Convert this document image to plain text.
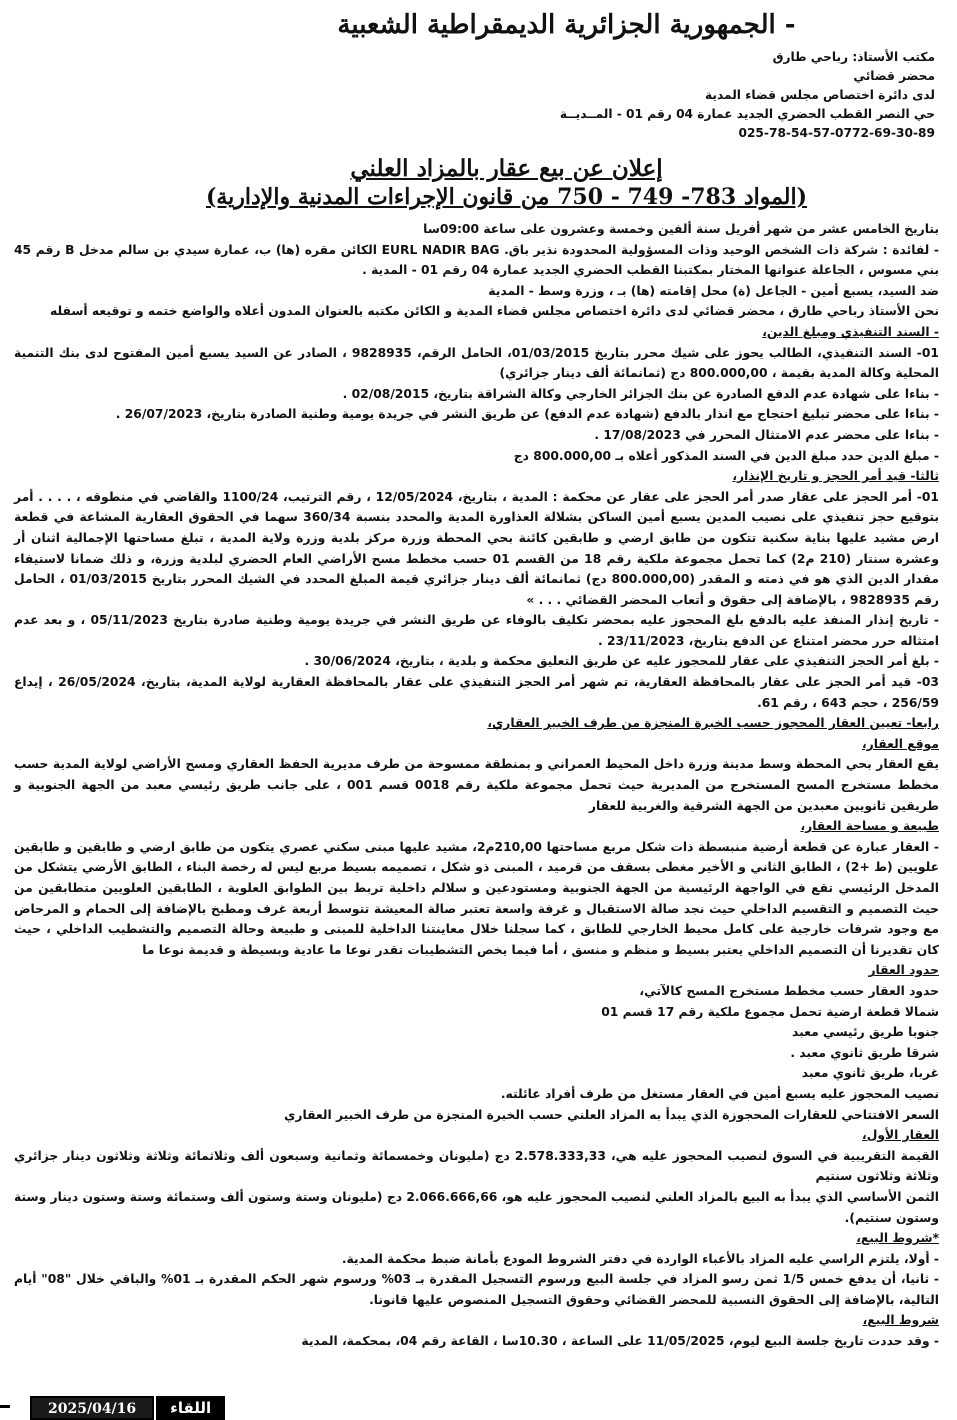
- الجمهورية الجزائرية الديمقراطية الشعبية
مكتب الأستاذ: رباحي طارق
محضر قضائي
لدى دائرة اختصاص مجلس قضاء المدية
حي النصر القطب الحضري الجديد عمارة 04 رقم 01 - المــديــة
025-78-54-57-0772-69-30-89
إعلان عن بيع عقار بالمزاد العلني
(المواد 783- 749 - 750 من قانون الإجراءات المدنية والإدارية)

بتاريخ الخامس عشر من شهر أفريل سنة ألفين وخمسة وعشرون على ساعة 09:00سا

- لفائدة : شركة ذات الشخص الوحيد وذات المسؤولية المحدودة نذير باق. EURL NADIR BAG الكائن مقره (ها) ب، عمارة سيدي بن سالم مدخل B رقم 45 بني مسوس ، الجاعلة عنوانها المختار بمكتبنا القطب الحضري الجديد عمارة 04 رقم 01 - المدية .

ضد السيد، يسبع أمين - الجاعل (ة) محل إقامته (ها) بـ ، وزرة وسط - المدية

نحن الأستاذ رباحي طارق ، محضر قضائي لدى دائرة اختصاص مجلس قضاء المدية و الكائن مكتبه بالعنوان المدون أعلاه والواضع ختمه و توقيعه أسفله

- السند التنفيذي ومبلغ الدين،

01- السند التنفيذي، الطالب يحوز على شيك محرر بتاريخ 01/03/2015، الحامل الرقم، 9828935 ، الصادر عن السيد يسبع أمين المفتوح لدى بنك التنمية المحلية وكالة المدية بقيمة ، 800.000,00 دج (ثمانمائة ألف دينار جزائري)

- بناءا على شهادة عدم الدفع الصادرة عن بنك الجزائر الخارجي وكالة الشراقة بتاريخ، 02/08/2015 .

- بناءا على محضر تبليغ احتجاج مع انذار بالدفع (شهادة عدم الدفع) عن طريق النشر في جريدة يومية وطنية الصادرة بتاريخ، 26/07/2023 .

- بناءا على محضر عدم الامتثال المحرر في 17/08/2023 .

- مبلغ الدين حدد مبلغ الدين في السند المذكور أعلاه بـ 800.000,00 دج

ثالثا- قيد أمر الحجز و تاريخ الإنذار،

01- أمر الحجز على عقار صدر أمر الحجز على عقار عن محكمة : المدية ، بتاريخ، 12/05/2024 ، رقم الترتيب، 1100/24 والقاضي في منطوقه ، . . . . أمر بتوقيع حجز تنفيذي على نصيب المدين يسبع أمين الساكن بشلالة العذاورة المدية والمحدد بنسبة 360/34 سهما في الحقوق العقارية المشاعة في قطعة ارض مشيد عليها بناية سكنية تتكون من طابق ارضي و طابقين كائنة بحي المحطة وزرة مركز بلدية وزرة ولاية المدية ، تبلغ مساحتها الإجمالية اثنان أر وعشرة سنتار (210 م2) كما تحمل مجموعة ملكية رقم 18 من القسم 01 حسب مخطط مسح الأراضي العام الحضري لبلدية وزرة، و ذلك ضمانا لاستيفاء مقدار الدين الذي هو في ذمته و المقدر (800.000,00 دج) ثمانمائة ألف دينار جزائري قيمة المبلغ المحدد في الشيك المحرر بتاريخ 01/03/2015 ، الحامل رقم 9828935 ، بالإضافة إلى حقوق و أتعاب المحضر القضائي . . . »

- تاريخ إنذار المنفذ عليه بالدفع بلغ المحجوز عليه بمحضر تكليف بالوفاء عن طريق النشر في جريدة يومية وطنية صادرة بتاريخ 05/11/2023 ، و بعد عدم امتثاله حرر محضر امتناع عن الدفع بتاريخ، 23/11/2023 .

- بلغ أمر الحجز التنفيذي على عقار للمحجوز عليه عن طريق التعليق محكمة و بلدية ، بتاريخ، 30/06/2024 .

03- قيد أمر الحجز على عقار بالمحافظة العقارية، تم شهر أمر الحجز التنفيذي على عقار بالمحافظة العقارية لولاية المدية، بتاريخ، 26/05/2024 ، إيداع 256/59 ، حجم 643 ، رقم 61.

رابعا- تعيين العقار المحجوز حسب الخبرة المنجزة من طرف الخبير العقاري،

موقع العقار،

يقع العقار بحي المحطة وسط مدينة وزرة داخل المحيط العمراني و بمنطقة ممسوحة من طرف مديرية الحفظ العقاري ومسح الأراضي لولاية المدية حسب مخطط مستخرج المسح المستخرج من المديرية حيث تحمل مجموعة ملكية رقم 0018 قسم 001 ، على جانب طريق رئيسي معبد من الجهة الجنوبية و طريقين ثانويين معبدين من الجهة الشرقية والغربية للعقار

طبيعة و مساحة العقار،

- العقار عبارة عن قطعة أرضية منبسطة ذات شكل مربع مساحتها 210,00م2، مشيد عليها مبنى سكني عصري يتكون من طابق ارضي و طابقين و طابقين علويين (ط +2) ، الطابق الثاني و الأخير مغطى بسقف من قرميد ، المبنى ذو شكل ، تصميمه بسيط مربع ليس له رخصة البناء ، الطابق الأرضي يتشكل من المدخل الرئيسي تقع في الواجهة الرئيسية من الجهة الجنوبية ومستودعين و سلالم داخلية تربط بين الطوابق العلوية ، الطابقين العلويين متطابقين من حيث التصميم و التقسيم الداخلي حيث نجد صالة الاستقبال و غرفة واسعة تعتبر صالة المعيشة تتوسط أربعة غرف ومطبخ بالإضافة إلى الحمام و المرحاض مع وجود شرفات خارجية على كامل محيط الخارجي للطابق ، كما سجلنا خلال معاينتنا الداخلية للمبنى و طبيعة وحالة التصميم والتشطيب الداخلي ، حيث كان تقديرنا أن التصميم الداخلي يعتبر بسيط و منظم و منسق ، أما فيما يخص التشطيبات تقدر نوعا ما عادية وبسيطة و قديمة نوعا ما

حدود العقار

حدود العقار حسب مخطط مستخرج المسح كالآتي،

شمالا قطعة ارضية تحمل مجموع ملكية رقم 17 قسم 01

جنوبا طريق رئيسي معبد

شرقا طريق ثانوي معبد .

غربا، طريق ثانوي معبد

نصيب المحجوز عليه يسبع أمين في العقار مستغل من طرف أفراد عائلته.

السعر الافتتاحي للعقارات المحجوزة الذي يبدأ به المزاد العلني حسب الخبرة المنجزة من طرف الخبير العقاري

العقار الأول،

القيمة التقريبية في السوق لنصيب المحجوز عليه هي، 2.578.333,33 دج (مليونان وخمسمائة وثمانية وسبعون ألف وثلاثمائة وثلاثة وثلاثون دينار جزائري وثلاثة وثلاثون سنتيم

الثمن الأساسي الذي يبدأ به البيع بالمزاد العلني لنصيب المحجوز عليه هو، 2.066.666,66 دج (مليونان وستة وستون ألف وستمائة وستة وستون دينار وستة وستون سنتيم).

*شروط البيع،

- أولا، يلتزم الراسي عليه المزاد بالأعباء الواردة في دفتر الشروط المودع بأمانة ضبط محكمة المدية.

- ثانيا، أن يدفع خمس 1/5 ثمن رسو المزاد في جلسة البيع ورسوم التسجيل المقدرة بـ 03% ورسوم شهر الحكم المقدرة بـ 01% والباقي خلال "08" أيام التالية، بالإضافة إلى الحقوق النسبية للمحضر القضائي وحقوق التسجيل المنصوص عليها قانونا.

شروط البيع،

- وقد حددت تاريخ جلسة البيع ليوم، 11/05/2025 على الساعة ، 10.30سا ، القاعة رقم 04، بمحكمة، المدية

2025/04/16	اللقاء
